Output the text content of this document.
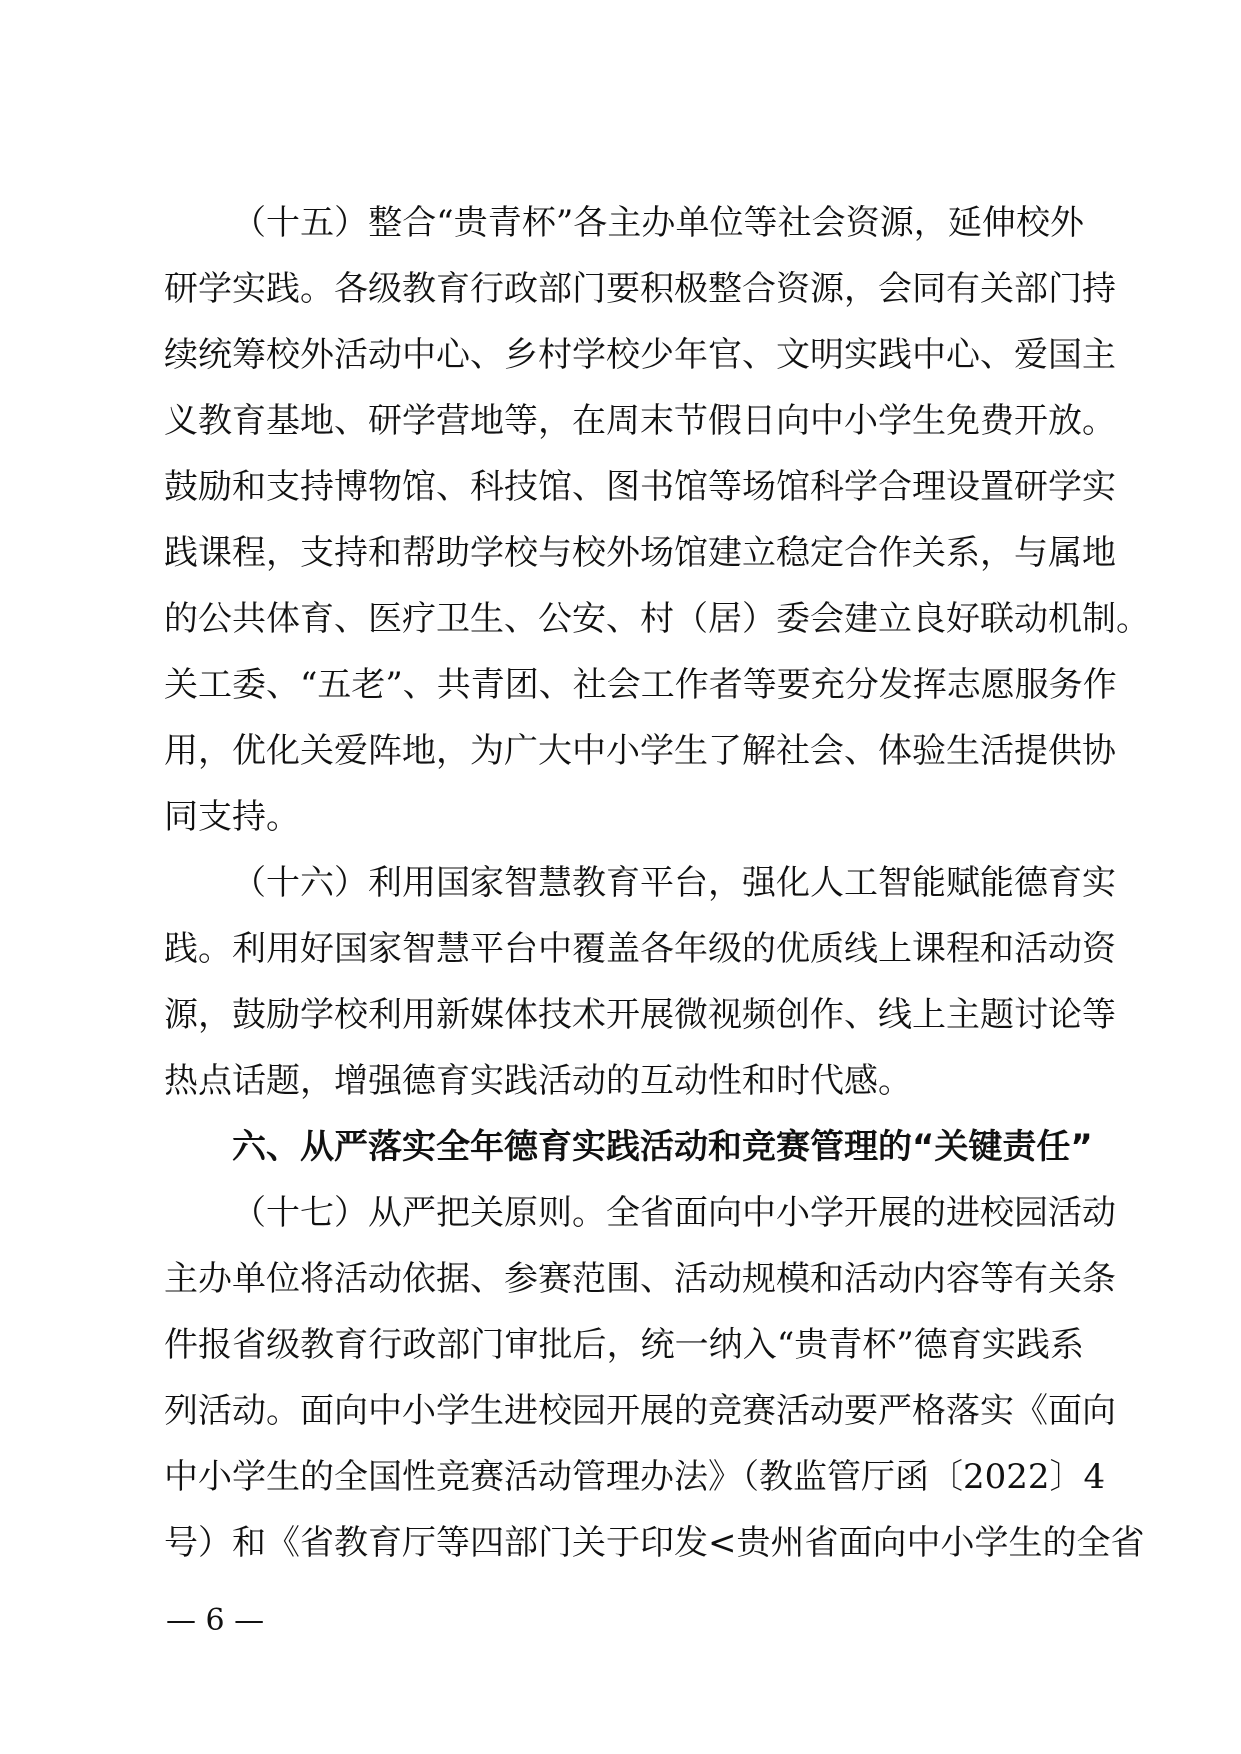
（十五）整合“贵青杯”各主办单位等社会资源，延伸校外
研学实践。各级教育行政部门要积极整合资源，会同有关部门持
续统筹校外活动中心、乡村学校少年官、文明实践中心、爱国主
义教育基地、研学营地等，在周末节假日向中小学生免费开放。
鼓励和支持博物馆、科技馆、图书馆等场馆科学合理设置研学实
践课程，支持和帮助学校与校外场馆建立稳定合作关系，与属地
的公共体育、医疗卫生、公安、村（居）委会建立良好联动机制。
关工委、“五老”、共青团、社会工作者等要充分发挥志愿服务作
用，优化关爱阵地，为广大中小学生了解社会、体验生活提供协
同支持。
（十六）利用国家智慧教育平台，强化人工智能赋能德育实
践。利用好国家智慧平台中覆盖各年级的优质线上课程和活动资
源，鼓励学校利用新媒体技术开展微视频创作、线上主题讨论等
热点话题，增强德育实践活动的互动性和时代感。
六、从严落实全年德育实践活动和竞赛管理的“关键责任”
（十七）从严把关原则。全省面向中小学开展的进校园活动
主办单位将活动依据、参赛范围、活动规模和活动内容等有关条
件报省级教育行政部门审批后，统一纳入“贵青杯”德育实践系
列活动。面向中小学生进校园开展的竞赛活动要严格落实《面向
中小学生的全国性竞赛活动管理办法》（教监管厅函〔2022〕4
号）和《省教育厅等四部门关于印发<贵州省面向中小学生的全省
— 6 —
